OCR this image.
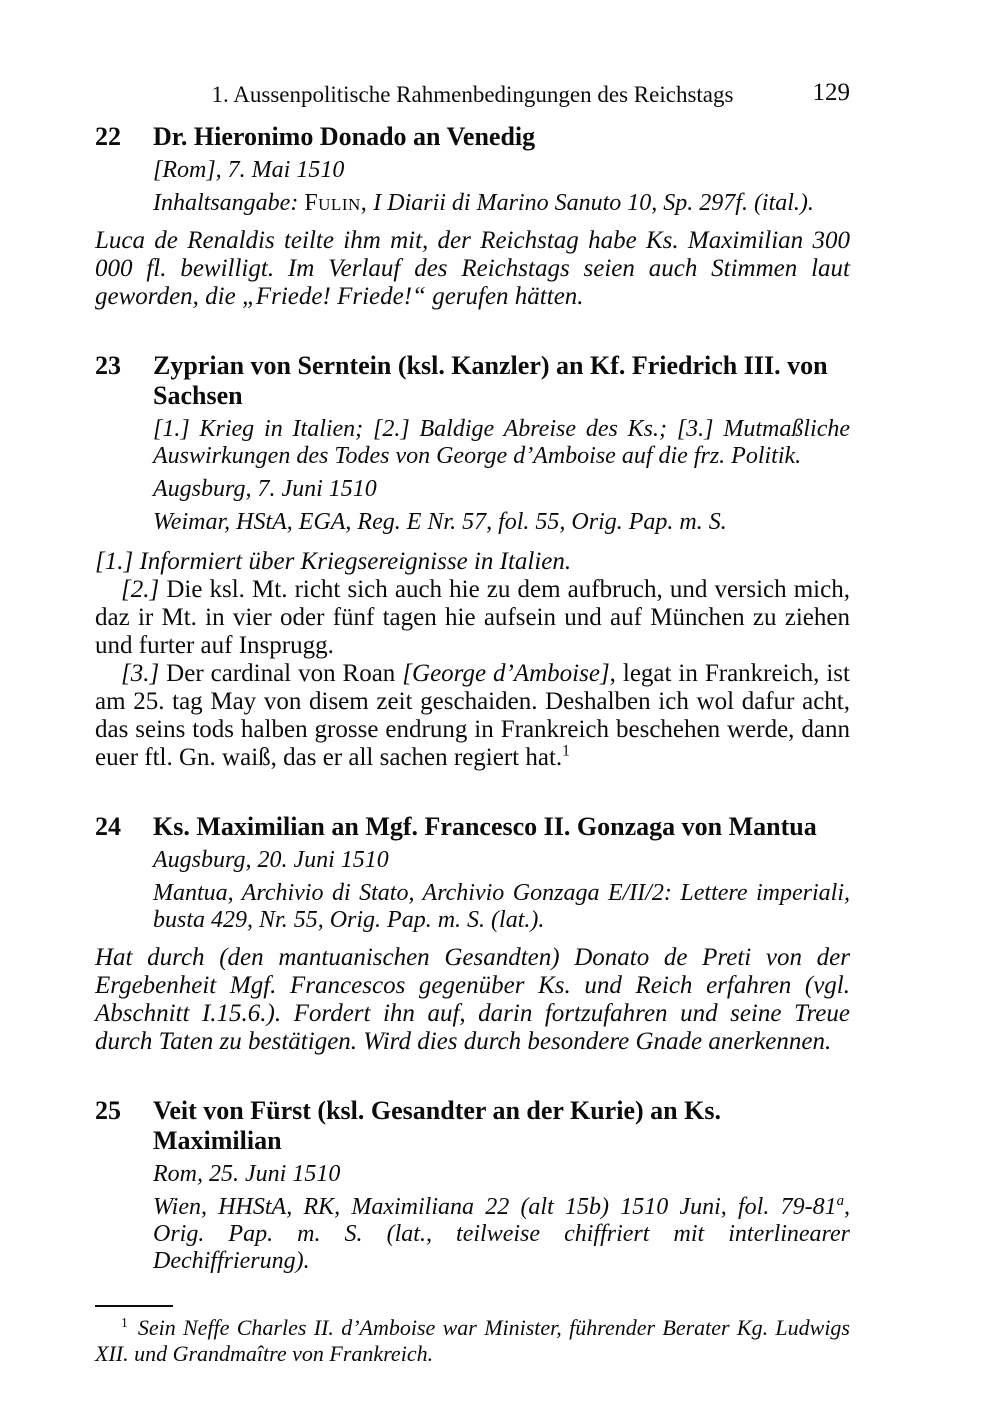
1. Aussenpolitische Rahmenbedingungen des Reichstags	129
22	Dr. Hieronimo Donado an Venedig

[Rom], 7. Mai 1510

Inhaltsangabe: Fulin, I Diarii di Marino Sanuto 10, Sp. 297f. (ital.).

Luca de Renaldis teilte ihm mit, der Reichstag habe Ks. Maximilian 300 000 fl. bewilligt. Im Verlauf des Reichstags seien auch Stimmen laut geworden, die „Friede! Friede!“ gerufen hätten.

23	Zyprian von Serntein (ksl. Kanzler) an Kf. Friedrich III. von Sachsen

[1.] Krieg in Italien; [2.] Baldige Abreise des Ks.; [3.] Mutmaßliche Auswirkungen des Todes von George d’Amboise auf die frz. Politik.

Augsburg, 7. Juni 1510

Weimar, HStA, EGA, Reg. E Nr. 57, fol. 55, Orig. Pap. m. S.

[1.] Informiert über Kriegsereignisse in Italien.

[2.] Die ksl. Mt. richt sich auch hie zu dem aufbruch, und versich mich, daz ir Mt. in vier oder fünf tagen hie aufsein und auf München zu ziehen und furter auf Insprugg.

[3.] Der cardinal von Roan [George d’Amboise], legat in Frankreich, ist am 25. tag May von disem zeit geschaiden. Deshalben ich wol dafur acht, das seins tods halben grosse endrung in Frankreich beschehen werde, dann euer ftl. Gn. waiß, das er all sachen regiert hat.$^1$

24	Ks. Maximilian an Mgf. Francesco II. Gonzaga von Mantua

Augsburg, 20. Juni 1510

Mantua, Archivio di Stato, Archivio Gonzaga E/II/2: Lettere imperiali, busta 429, Nr. 55, Orig. Pap. m. S. (lat.).

Hat durch (den mantuanischen Gesandten) Donato de Preti von der Ergebenheit Mgf. Francescos gegenüber Ks. und Reich erfahren (vgl. Abschnitt I.15.6.). Fordert ihn auf, darin fortzufahren und seine Treue durch Taten zu bestätigen. Wird dies durch besondere Gnade anerkennen.

25	Veit von Fürst (ksl. Gesandter an der Kurie) an Ks. Maximilian

Rom, 25. Juni 1510

Wien, HHStA, RK, Maximiliana 22 (alt 15b) 1510 Juni, fol. 79-81$^a$, Orig. Pap. m. S. (lat., teilweise chiffriert mit interlinearer Dechiffrierung).

$^1$ Sein Neffe Charles II. d’Amboise war Minister, führender Berater Kg. Ludwigs XII. und Grandmaître von Frankreich.
